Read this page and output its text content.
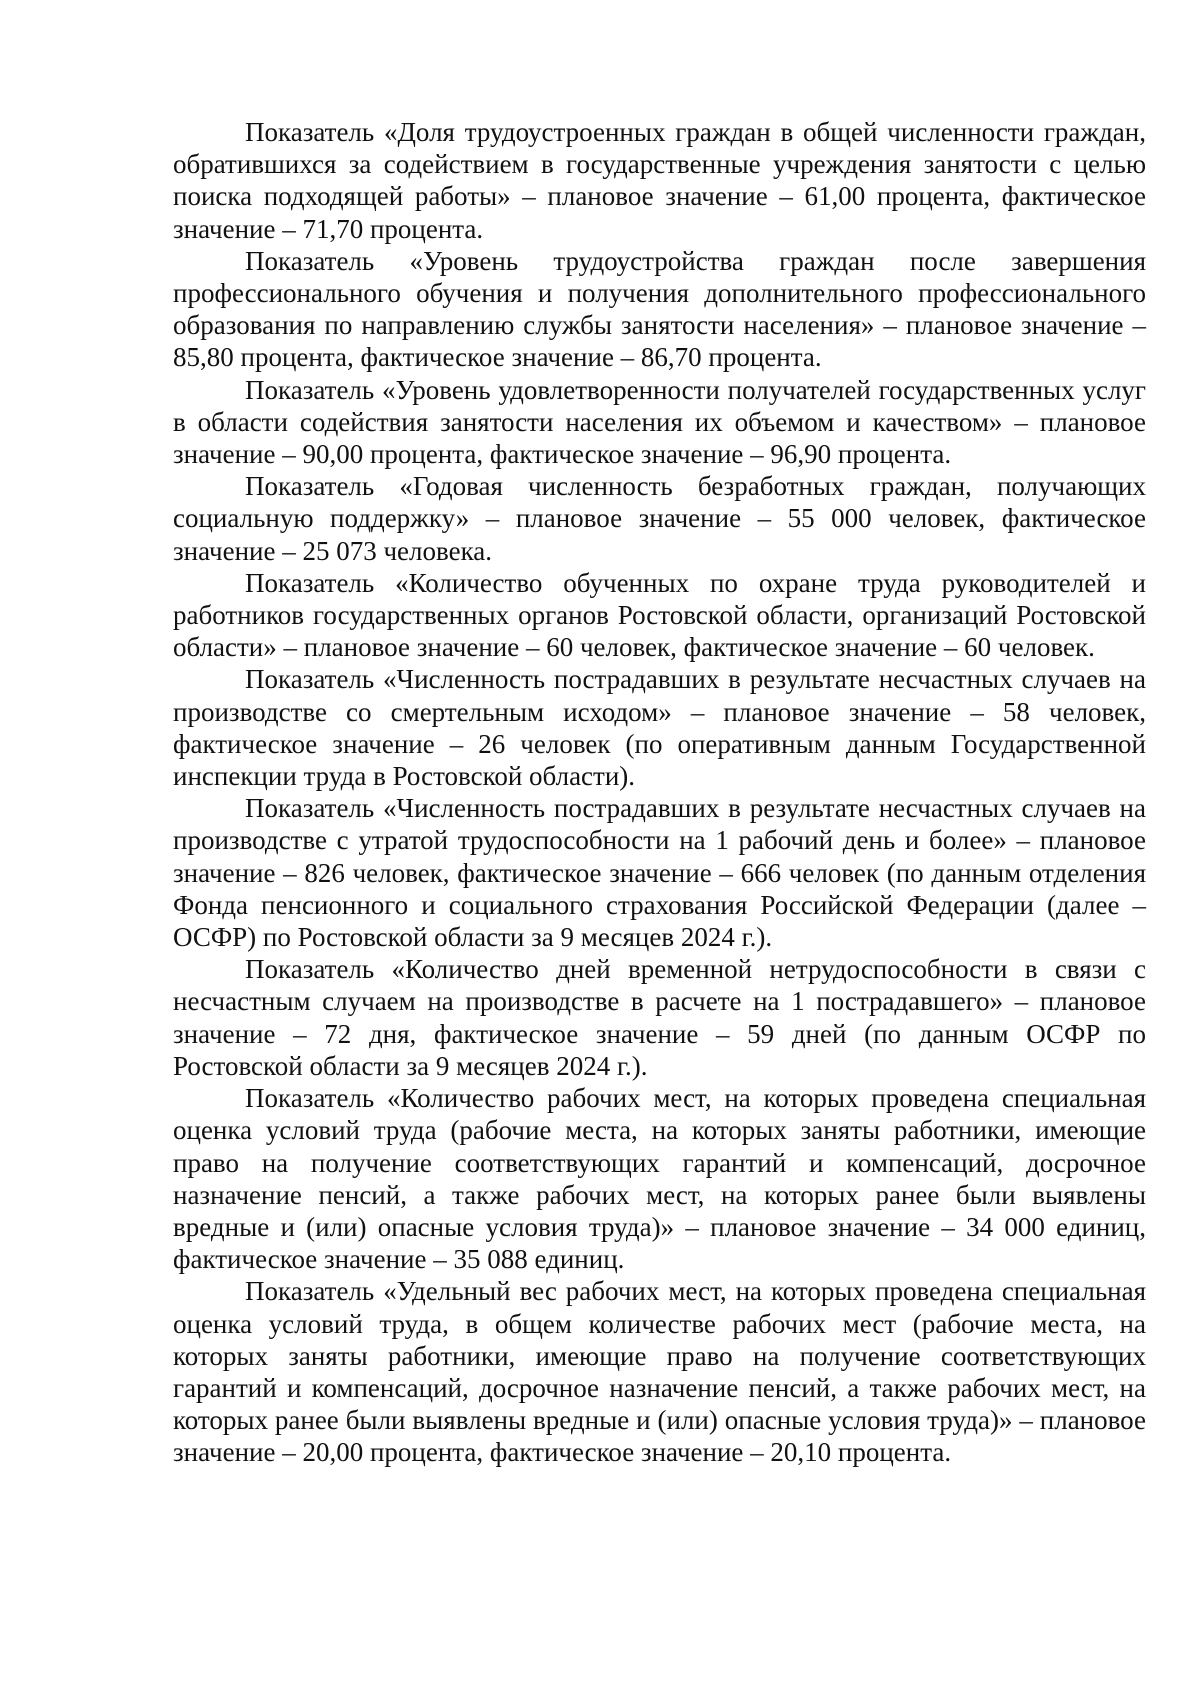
Показатель «Доля трудоустроенных граждан в общей численности граждан, обратившихся за содействием в государственные учреждения занятости с целью поиска подходящей работы» – плановое значение – 61,00 процента, фактическое значение – 71,70 процента.

Показатель «Уровень трудоустройства граждан после завершения профессионального обучения и получения дополнительного профессионального образования по направлению службы занятости населения» – плановое значение – 85,80 процента, фактическое значение – 86,70 процента.

Показатель «Уровень удовлетворенности получателей государственных услуг в области содействия занятости населения их объемом и качеством» – плановое значение – 90,00 процента, фактическое значение – 96,90 процента.

Показатель «Годовая численность безработных граждан, получающих социальную поддержку» – плановое значение – 55 000 человек, фактическое значение – 25 073 человека.

Показатель «Количество обученных по охране труда руководителей и работников государственных органов Ростовской области, организаций Ростовской области» – плановое значение – 60 человек, фактическое значение – 60 человек.

Показатель «Численность пострадавших в результате несчастных случаев на производстве со смертельным исходом» – плановое значение – 58 человек, фактическое значение – 26 человек (по оперативным данным Государственной инспекции труда в Ростовской области).

Показатель «Численность пострадавших в результате несчастных случаев на производстве с утратой трудоспособности на 1 рабочий день и более» – плановое значение – 826 человек, фактическое значение – 666 человек (по данным отделения Фонда пенсионного и социального страхования Российской Федерации (далее – ОСФР) по Ростовской области за 9 месяцев 2024 г.).

Показатель «Количество дней временной нетрудоспособности в связи с несчастным случаем на производстве в расчете на 1 пострадавшего» – плановое значение – 72 дня, фактическое значение – 59 дней (по данным ОСФР по Ростовской области за 9 месяцев 2024 г.).

Показатель «Количество рабочих мест, на которых проведена специальная оценка условий труда (рабочие места, на которых заняты работники, имеющие право на получение соответствующих гарантий и компенсаций, досрочное назначение пенсий, а также рабочих мест, на которых ранее были выявлены вредные и (или) опасные условия труда)» – плановое значение – 34 000 единиц, фактическое значение – 35 088 единиц.

Показатель «Удельный вес рабочих мест, на которых проведена специальная оценка условий труда, в общем количестве рабочих мест (рабочие места, на которых заняты работники, имеющие право на получение соответствующих гарантий и компенсаций, досрочное назначение пенсий, а также рабочих мест, на которых ранее были выявлены вредные и (или) опасные условия труда)» – плановое значение – 20,00 процента, фактическое значение – 20,10 процента.
